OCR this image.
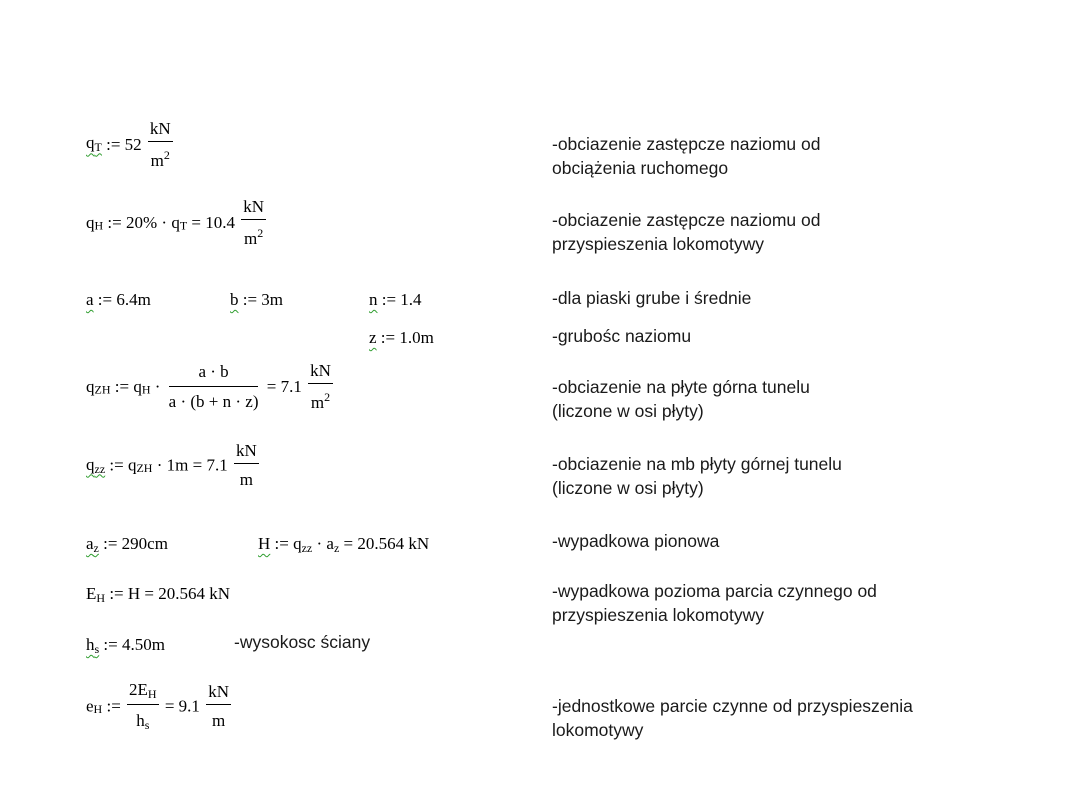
$q_T$ := $52 \frac{kN}{m^2}$	-obciazenie zastępcze naziomu od
obciążenia ruchomego
$q_H$ := $20\% \cdot q_T = 10.4 \frac{kN}{m^2}$	-obciazenie zastępcze naziomu od
przyspieszenia lokomotywy
a := 6.4m	b := 3m	n := 1.4	-dla piaski grube i średnie
z := 1.0m	-grubośc naziomu
$q_{ZH}$ := $q_H \cdot \frac{a \cdot b}{a \cdot (b + n \cdot z)} = 7.1 \frac{kN}{m^2}$	-obciazenie na płyte górna tunelu
(liczone w osi płyty)
$q_{zz}$ := $q_{ZH} \cdot 1m = 7.1 \frac{kN}{m}$	-obciazenie na mb płyty górnej tunelu
(liczone w osi płyty)
$a_z$ := 290cm	H := $q_{zz} \cdot a_z = 20.564$ kN	-wypadkowa pionowa
$E_H$ := H = 20.564 kN	-wypadkowa pozioma parcia czynnego od
przyspieszenia lokomotywy
$h_s$ := 4.50m	-wysokosc ściany
$e_H$ := $\frac{2E_H}{h_s} = 9.1 \frac{kN}{m}$	-jednostkowe parcie czynne od przyspieszenia
lokomotywy
